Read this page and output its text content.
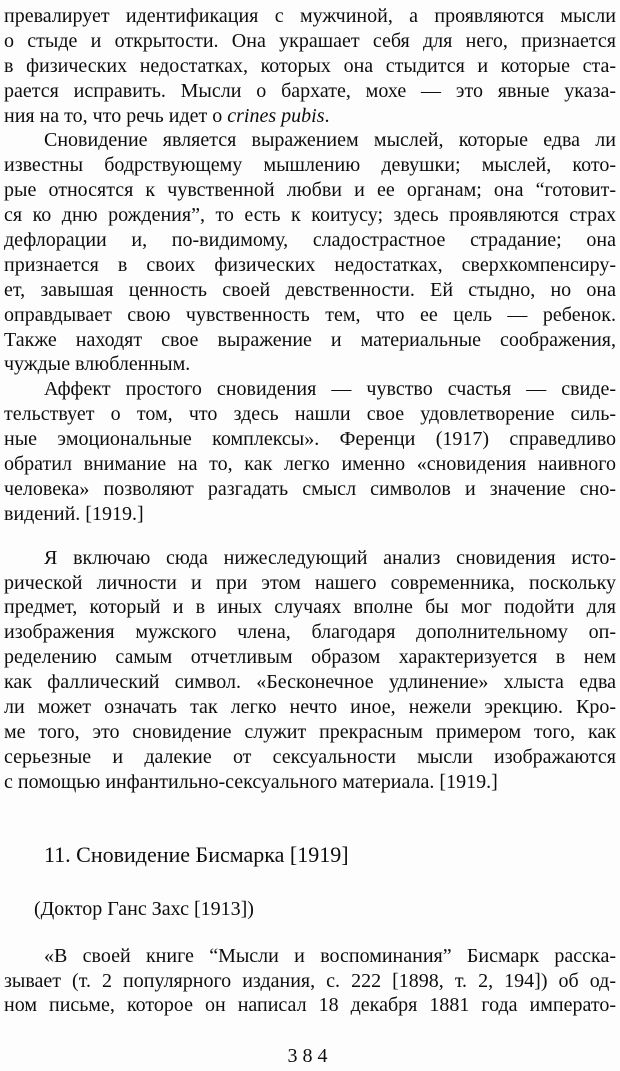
превалирует идентификация с мужчиной, а проявляются мысли
о стыде и открытости. Она украшает себя для него, признается
в физических недостатках, которых она стыдится и которые ста-
рается исправить. Мысли о бархате, мохе — это явные указа-
ния на то, что речь идет о crines pubis.
Сновидение является выражением мыслей, которые едва ли
известны бодрствующему мышлению девушки; мыслей, кото-
рые относятся к чувственной любви и ее органам; она “готовит-
ся ко дню рождения”, то есть к коитусу; здесь проявляются страх
дефлорации и, по-видимому, сладострастное страдание; она
признается в своих физических недостатках, сверхкомпенсиру-
ет, завышая ценность своей девственности. Ей стыдно, но она
оправдывает свою чувственность тем, что ее цель — ребенок.
Также находят свое выражение и материальные соображения,
чуждые влюбленным.
Аффект простого сновидения — чувство счастья — свиде-
тельствует о том, что здесь нашли свое удовлетворение силь-
ные эмоциональные комплексы». Ференци (1917) справедливо
обратил внимание на то, как легко именно «сновидения наивного
человека» позволяют разгадать смысл символов и значение сно-
видений. [1919.]
Я включаю сюда нижеследующий анализ сновидения исто-
рической личности и при этом нашего современника, поскольку
предмет, который и в иных случаях вполне бы мог подойти для
изображения мужского члена, благодаря дополнительному оп-
ределению самым отчетливым образом характеризуется в нем
как фаллический символ. «Бесконечное удлинение» хлыста едва
ли может означать так легко нечто иное, нежели эрекцию. Кро-
ме того, это сновидение служит прекрасным примером того, как
серьезные и далекие от сексуальности мысли изображаются
с помощью инфантильно-сексуального материала. [1919.]
11. Сновидение Бисмарка [1919]
(Доктор Ганс Захс [1913])
«В своей книге “Мысли и воспоминания” Бисмарк расска-
зывает (т. 2 популярного издания, с. 222 [1898, т. 2, 194]) об од-
ном письме, которое он написал 18 декабря 1881 года императо-
384
